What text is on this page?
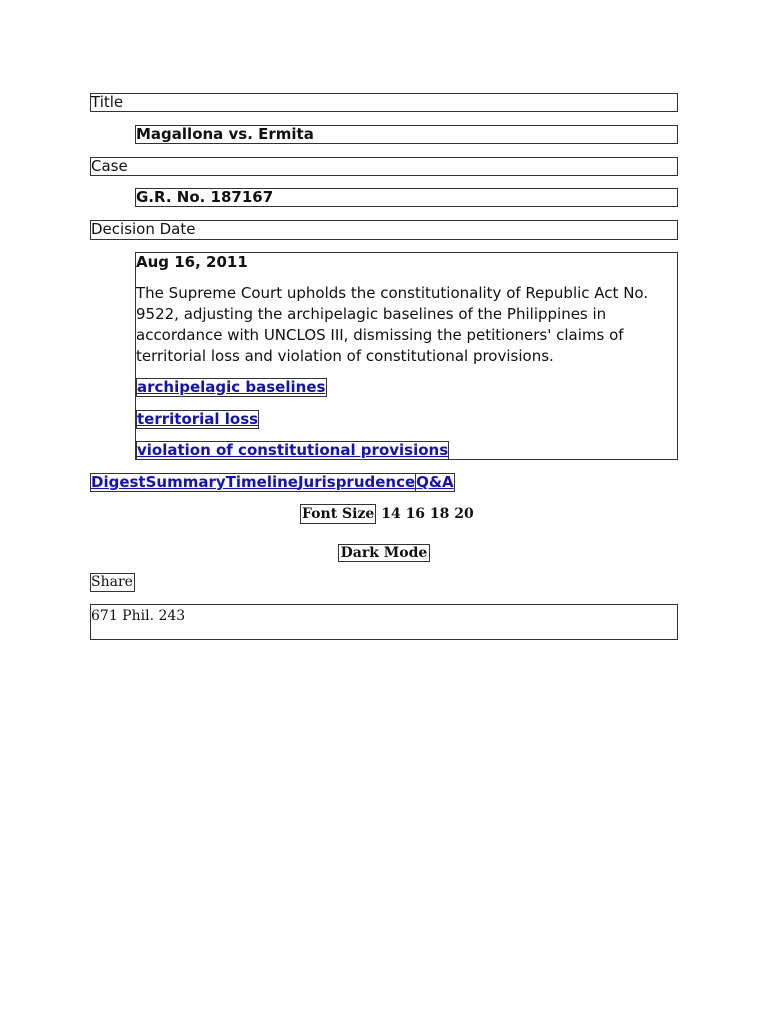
Title
Magallona vs. Ermita
Case
G.R. No. 187167
Decision Date
Aug 16, 2011

The Supreme Court upholds the constitutionality of Republic Act No. 9522, adjusting the archipelagic baselines of the Philippines in accordance with UNCLOS III, dismissing the petitioners' claims of territorial loss and violation of constitutional provisions.

archipelagic baselines
territorial loss
violation of constitutional provisions
Digest Summary Timeline Jurisprudence Q&A
Font Size 14 16 18 20
Dark Mode
Share
671 Phil. 243
